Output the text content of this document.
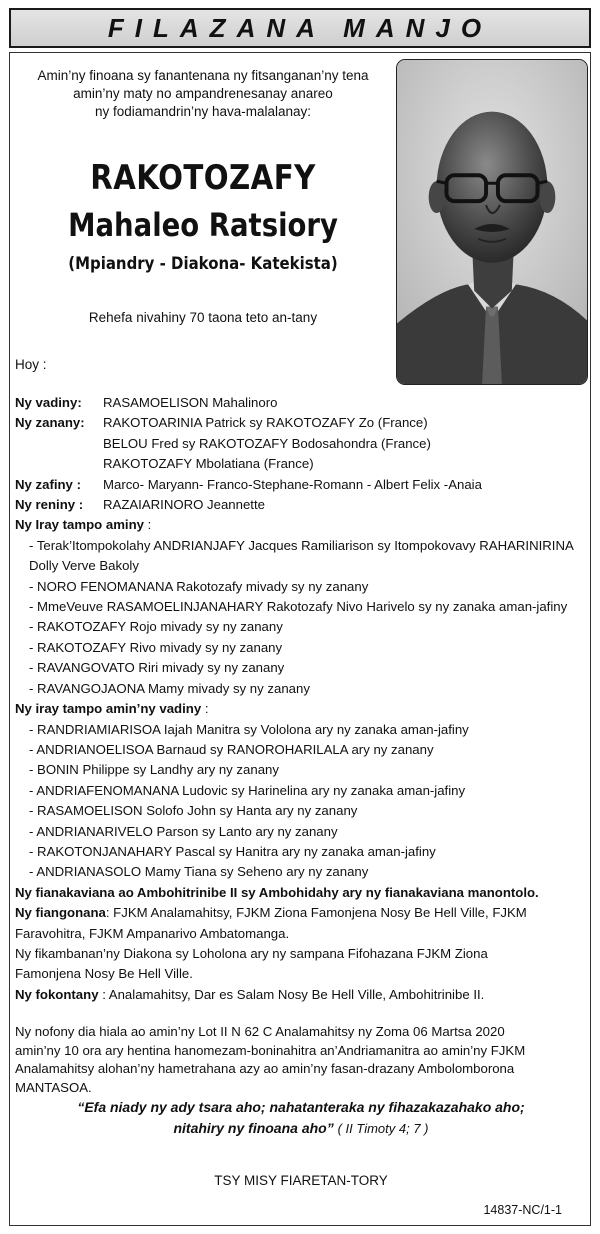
FILAZANA MANJO
Amin’ny finoana sy fanantenana ny fitsanganan’ny tena
amin’ny maty no ampandrenesanay anareo
ny fodiamandrin’ny hava-malalanay:
RAKOTOZAFY
Mahaleo Ratsiory
(Mpiandry - Diakona- Katekista)
Rehefa nivahiny 70 taona teto an-tany
Hoy :
Ny vadiny:	RASAMOELISON Mahalinoro
Ny zanany:	RAKOTOARINIA Patrick sy RAKOTOZAFY Zo (France)
BELOU Fred sy RAKOTOZAFY Bodosahondra (France)
RAKOTOZAFY Mbolatiana (France)
Ny zafiny :	Marco- Maryann- Franco-Stephane-Romann - Albert Felix -Anaia
Ny reniny :	RAZAIARINORO Jeannette
Ny Iray tampo aminy :
- Terak’Itompokolahy ANDRIANJAFY Jacques Ramiliarison sy Itompokovavy RAHARINIRINA
Dolly Verve Bakoly
- NORO FENOMANANA Rakotozafy mivady sy ny zanany
- MmeVeuve RASAMOELINJANAHARY Rakotozafy Nivo Harivelo sy ny zanaka aman-jafiny
- RAKOTOZAFY Rojo mivady sy ny zanany
- RAKOTOZAFY Rivo mivady sy ny zanany
- RAVANGOVATO Riri mivady sy ny zanany
- RAVANGOJAONA Mamy mivady sy ny zanany
Ny iray tampo amin’ny vadiny :
- RANDRIAMIARISOA Iajah Manitra sy Vololona ary ny zanaka aman-jafiny
- ANDRIANOELISOA Barnaud sy RANOROHARILALA ary ny zanany
- BONIN Philippe sy Landhy ary ny zanany
- ANDRIAFENOMANANA Ludovic sy Harinelina ary ny zanaka aman-jafiny
- RASAMOELISON Solofo John sy Hanta ary ny zanany
- ANDRIANARIVELO Parson sy Lanto ary ny zanany
- RAKOTONJANAHARY Pascal sy Hanitra ary ny zanaka aman-jafiny
- ANDRIANASOLO Mamy Tiana sy Seheno ary ny zanany
Ny fianakaviana ao Ambohitrinibe II sy Ambohidahy ary ny fianakaviana manontolo.
Ny fiangonana: FJKM Analamahitsy, FJKM Ziona Famonjena Nosy Be Hell Ville, FJKM
Faravohitra, FJKM Ampanarivo Ambatomanga.
Ny fikambanan’ny Diakona sy Loholona ary ny sampana Fifohazana FJKM Ziona
Famonjena Nosy Be Hell Ville.
Ny fokontany : Analamahitsy, Dar es Salam Nosy Be Hell Ville, Ambohitrinibe II.
Ny nofony dia hiala ao amin’ny Lot II N 62 C Analamahitsy ny Zoma 06 Martsa 2020
amin’ny 10 ora ary hentina hanomezam-boninahitra an’Andriamanitra ao amin’ny FJKM
Analamahitsy alohan’ny hametrahana azy ao amin’ny fasan-drazany Ambolomborona
MANTASOA.
“Efa niady ny ady tsara aho; nahatanteraka ny fihazakazahako aho;
nitahiry ny finoana aho” ( II Timoty 4; 7 )
TSY MISY FIARETAN-TORY
14837-NC/1-1
